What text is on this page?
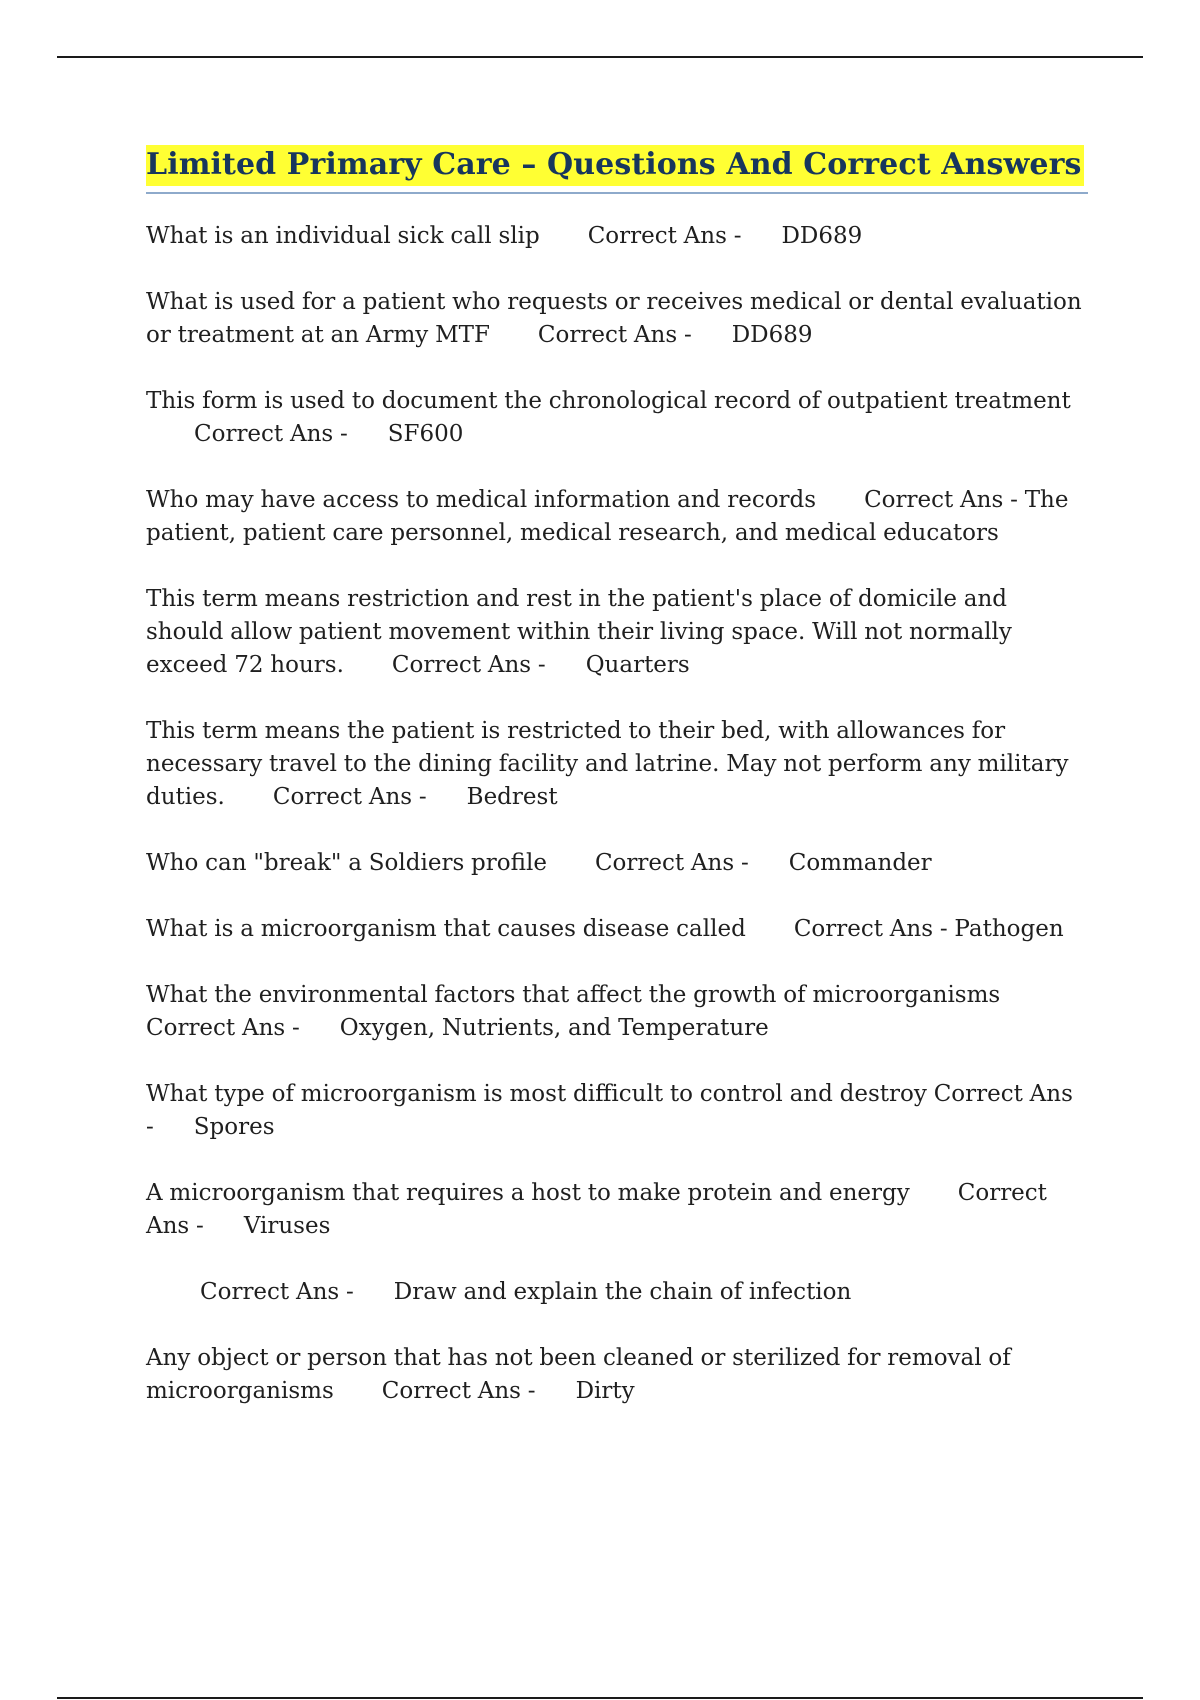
Limited Primary Care – Questions And Correct Answers

What is an individual sick call slip Correct Ans - DD689

What is used for a patient who requests or receives medical or dental evaluation or treatment at an Army MTF Correct Ans - DD689

This form is used to document the chronological record of outpatient treatmentCorrect Ans - SF600

Who may have access to medical information and records Correct Ans - The patient, patient care personnel, medical research, and medical educators

This term means restriction and rest in the patient's place of domicile and should allow patient movement within their living space. Will not normally exceed 72 hours. Correct Ans - Quarters

This term means the patient is restricted to their bed, with allowances for necessary travel to the dining facility and latrine. May not perform any military duties. Correct Ans - Bedrest

Who can "break" a Soldiers profile Correct Ans - Commander

What is a microorganism that causes disease called Correct Ans - Pathogen

What the environmental factors that affect the growth of microorganisms Correct Ans - Oxygen, Nutrients, and Temperature

What type of microorganism is most difficult to control and destroy Correct Ans - Spores

A microorganism that requires a host to make protein and energy Correct Ans - Viruses

Correct Ans - Draw and explain the chain of infection

Any object or person that has not been cleaned or sterilized for removal of microorganisms Correct Ans - Dirty
